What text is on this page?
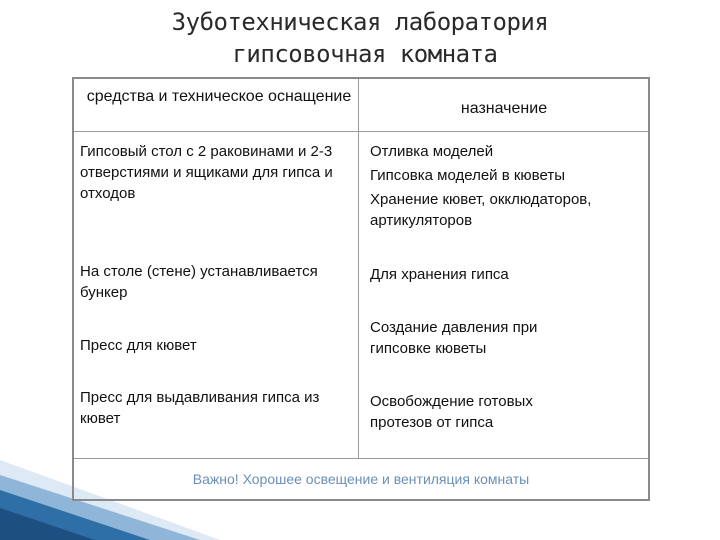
Зуботехническая лаборатория
гипсовочная комната
средства и техническое оснащение
назначение
Гипсовый стол с 2 раковинами и 2-3 отверстиями и ящиками для гипса и отходов
Отливка моделей
Гипсовка моделей в кюветы
Хранение кювет, окклюдаторов, артикуляторов
На столе (стене) устанавливается бункер
Для хранения гипса
Пресс для кювет
Создание давления при гипсовке кюветы
Пресс для выдавливания гипса из кювет
Освобождение готовых протезов от гипса
Важно! Хорошее освещение и вентиляция комнаты
